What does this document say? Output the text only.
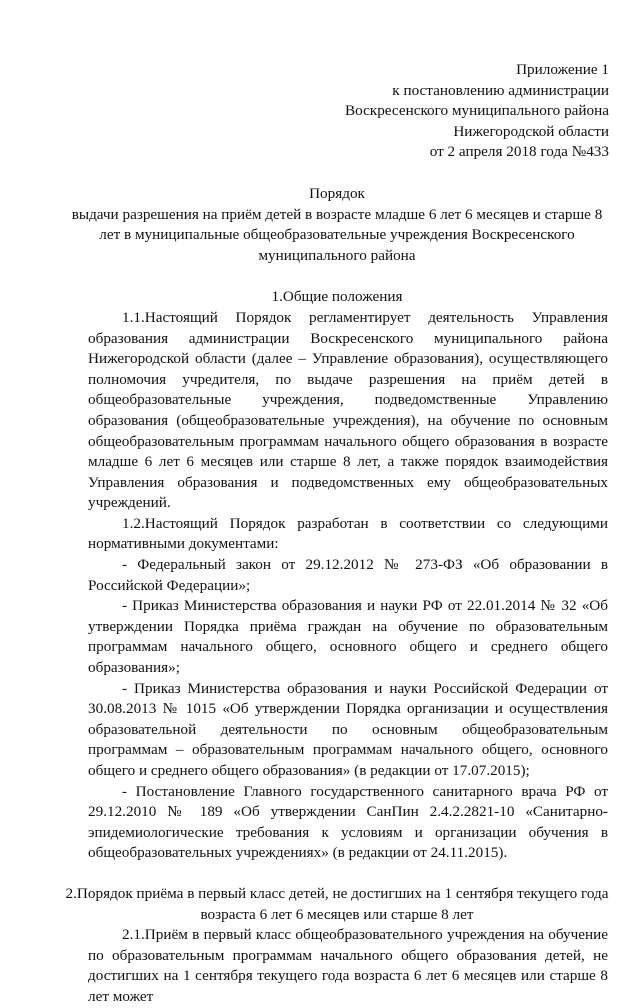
Приложение 1
к постановлению администрации
Воскресенского муниципального района
Нижегородской области
от 2 апреля 2018 года №433
Порядок
выдачи разрешения на приём детей в возрасте младше 6 лет 6 месяцев и старше 8
лет в муниципальные общеобразовательные учреждения Воскресенского
муниципального района
1.Общие положения

1.1.Настоящий Порядок регламентирует деятельность Управления образования администрации Воскресенского муниципального района Нижегородской области (далее – Управление образования), осуществляющего полномочия учредителя, по выдаче разрешения на приём детей в общеобразовательные учреждения, подведомственные Управлению образования (общеобразовательные учреждения), на обучение по основным общеобразовательным программам начального общего образования в возрасте младше 6 лет 6 месяцев или старше 8 лет, а также порядок взаимодействия Управления образования и подведомственных ему общеобразовательных учреждений.

1.2.Настоящий Порядок разработан в соответствии со следующими нормативными документами:

- Федеральный закон от 29.12.2012 № 273-ФЗ «Об образовании в Российской Федерации»;

- Приказ Министерства образования и науки РФ от 22.01.2014 № 32 «Об утверждении Порядка приёма граждан на обучение по образовательным программам начального общего, основного общего и среднего общего образования»;

- Приказ Министерства образования и науки Российской Федерации от 30.08.2013 № 1015 «Об утверждении Порядка организации и осуществления образовательной деятельности по основным общеобразовательным программам – образовательным программам начального общего, основного общего и среднего общего образования» (в редакции от 17.07.2015);

- Постановление Главного государственного санитарного врача РФ от 29.12.2010 № 189 «Об утверждении СанПин 2.4.2.2821-10 «Санитарно-эпидемиологические требования к условиям и организации обучения в общеобразовательных учреждениях» (в редакции от 24.11.2015).

2.Порядок приёма в первый класс детей, не достигших на 1 сентября текущего года
возраста 6 лет 6 месяцев или старше 8 лет

2.1.Приём в первый класс общеобразовательного учреждения на обучение по образовательным программам начального общего образования детей, не достигших на 1 сентября текущего года возраста 6 лет 6 месяцев или старше 8 лет может
